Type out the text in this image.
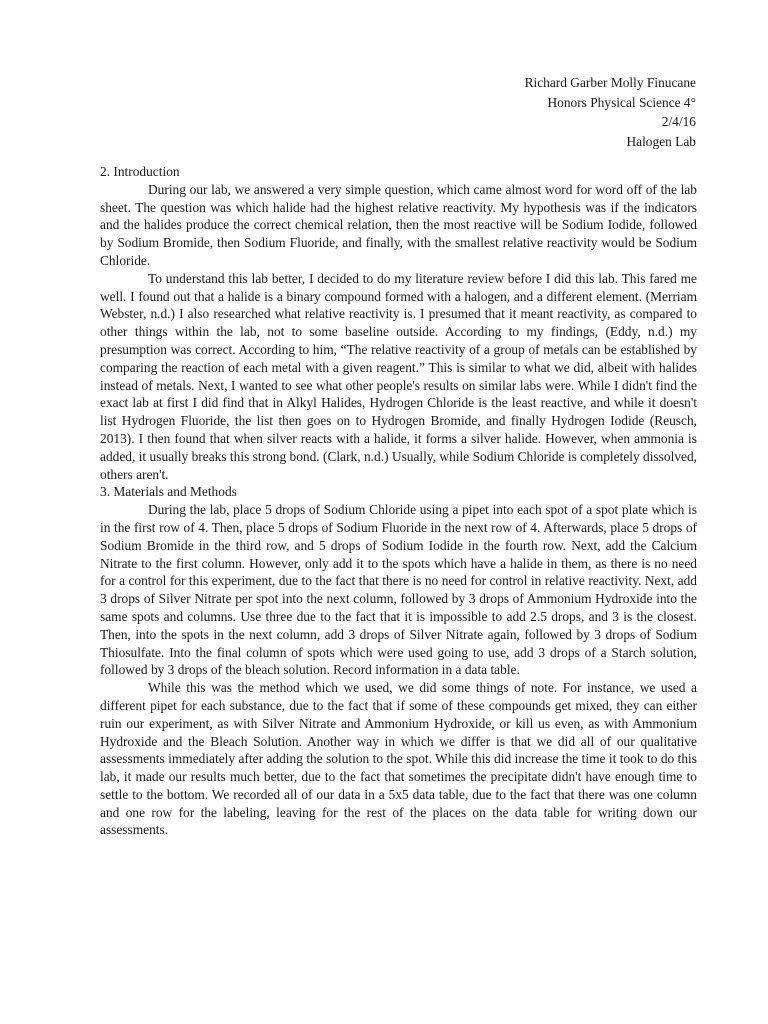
Richard Garber Molly Finucane
Honors Physical Science 4°
2/4/16
Halogen Lab
2. Introduction

During our lab, we answered a very simple question, which came almost word for word off of the lab sheet. The question was which halide had the highest relative reactivity. My hypothesis was if the indicators and the halides produce the correct chemical relation, then the most reactive will be Sodium Iodide, followed by Sodium Bromide, then Sodium Fluoride, and finally, with the smallest relative reactivity would be Sodium Chloride.

To understand this lab better, I decided to do my literature review before I did this lab. This fared me well. I found out that a halide is a binary compound formed with a halogen, and a different element. (Merriam Webster, n.d.) I also researched what relative reactivity is. I presumed that it meant reactivity, as compared to other things within the lab, not to some baseline outside. According to my findings, (Eddy, n.d.) my presumption was correct. According to him, “The relative reactivity of a group of metals can be established by comparing the reaction of each metal with a given reagent.” This is similar to what we did, albeit with halides instead of metals. Next, I wanted to see what other people's results on similar labs were. While I didn't find the exact lab at first I did find that in Alkyl Halides, Hydrogen Chloride is the least reactive, and while it doesn't list Hydrogen Fluoride, the list then goes on to Hydrogen Bromide, and finally Hydrogen Iodide (Reusch, 2013). I then found that when silver reacts with a halide, it forms a silver halide. However, when ammonia is added, it usually breaks this strong bond. (Clark, n.d.) Usually, while Sodium Chloride is completely dissolved, others aren't.

3. Materials and Methods

During the lab, place 5 drops of Sodium Chloride using a pipet into each spot of a spot plate which is in the first row of 4. Then, place 5 drops of Sodium Fluoride in the next row of 4. Afterwards, place 5 drops of Sodium Bromide in the third row, and 5 drops of Sodium Iodide in the fourth row. Next, add the Calcium Nitrate to the first column. However, only add it to the spots which have a halide in them, as there is no need for a control for this experiment, due to the fact that there is no need for control in relative reactivity. Next, add 3 drops of Silver Nitrate per spot into the next column, followed by 3 drops of Ammonium Hydroxide into the same spots and columns. Use three due to the fact that it is impossible to add 2.5 drops, and 3 is the closest. Then, into the spots in the next column, add 3 drops of Silver Nitrate again, followed by 3 drops of Sodium Thiosulfate. Into the final column of spots which were used going to use, add 3 drops of a Starch solution, followed by 3 drops of the bleach solution. Record information in a data table.

While this was the method which we used, we did some things of note. For instance, we used a different pipet for each substance, due to the fact that if some of these compounds get mixed, they can either ruin our experiment, as with Silver Nitrate and Ammonium Hydroxide, or kill us even, as with Ammonium Hydroxide and the Bleach Solution. Another way in which we differ is that we did all of our qualitative assessments immediately after adding the solution to the spot. While this did increase the time it took to do this lab, it made our results much better, due to the fact that sometimes the precipitate didn't have enough time to settle to the bottom. We recorded all of our data in a 5x5 data table, due to the fact that there was one column and one row for the labeling, leaving for the rest of the places on the data table for writing down our assessments.
